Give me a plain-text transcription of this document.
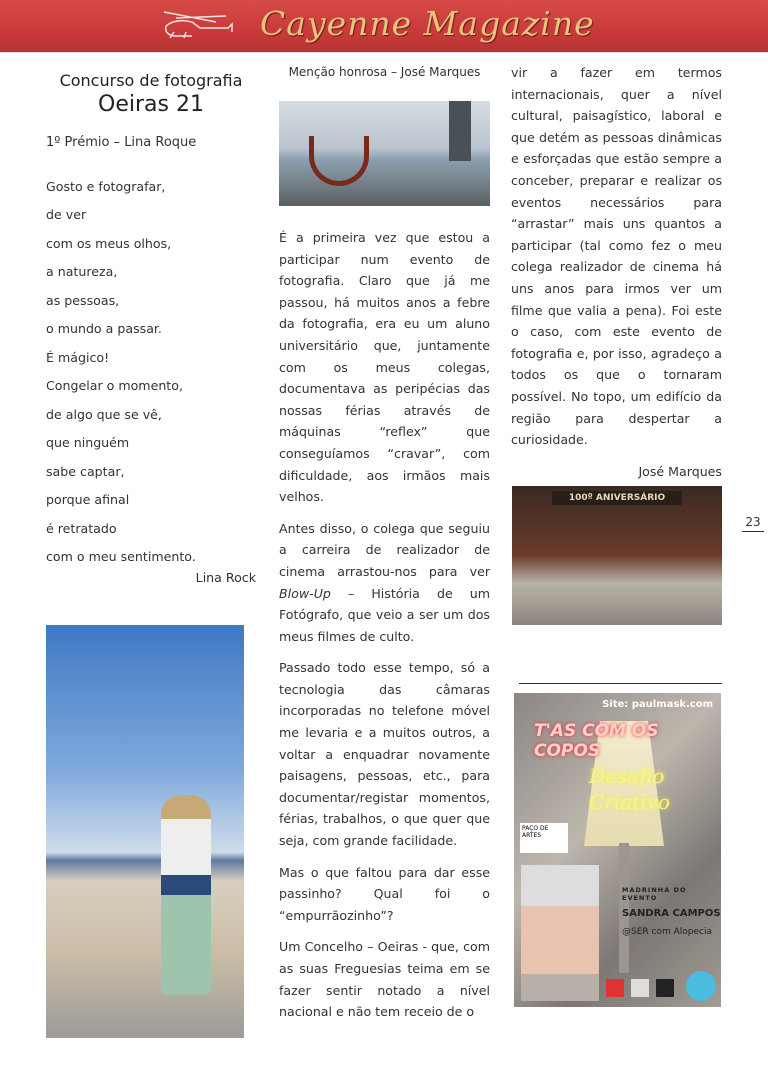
Cayenne Magazine
Concurso de fotografia
Oeiras 21
1º Prémio – Lina Roque
Gosto e fotografar,
de ver
com os meus olhos,
a natureza,
as pessoas,
o mundo a passar.
É mágico!
Congelar o momento,
de algo que se vê,
que ninguém
sabe captar,
porque afinal
é retratado
com o meu sentimento.
Lina Rock
Menção honrosa – José Marques

É a primeira vez que estou a participar num evento de fotografia. Claro que já me passou, há muitos anos a febre da fotografia, era eu um aluno universitário que, juntamente com os meus colegas, documentava as peripécias das nossas férias através de máquinas “reflex” que conseguíamos “cravar”, com dificuldade, aos irmãos mais velhos.

Antes disso, o colega que seguiu a carreira de realizador de cinema arrastou-nos para ver Blow-Up – História de um Fotógrafo, que veio a ser um dos meus filmes de culto.

Passado todo esse tempo, só a tecnologia das câmaras incorporadas no telefone móvel me levaria e a muitos outros, a voltar a enquadrar novamente paisagens, pessoas, etc., para documentar/registar momentos, férias, trabalhos, o que quer que seja, com grande facilidade.

Mas o que faltou para dar esse passinho? Qual foi o “empurrãozinho”?

Um Concelho – Oeiras - que, com as suas Freguesias teima em se fazer sentir notado a nível nacional e não tem receio de o

vir a fazer em termos internacionais, quer a nível cultural, paisagístico, laboral e que detém as pessoas dinâmicas e esforçadas que estão sempre a conceber, preparar e realizar os eventos necessários para “arrastar” mais uns quantos a participar (tal como fez o meu colega realizador de cinema há uns anos para irmos ver um filme que valia a pena). Foi este o caso, com este evento de fotografia e, por isso, agradeço a todos os que o tornaram possível. No topo, um edifício da região para despertar a curiosidade.

José Marques
100º ANIVERSÁRIO
23
Site: paulmask.com
T'AS COM OS COPOS
Desafio Criativo
PAÇO DE ARTES
MADRINHA DO EVENTO
SANDRA CAMPOS
@SER com Alopecia
